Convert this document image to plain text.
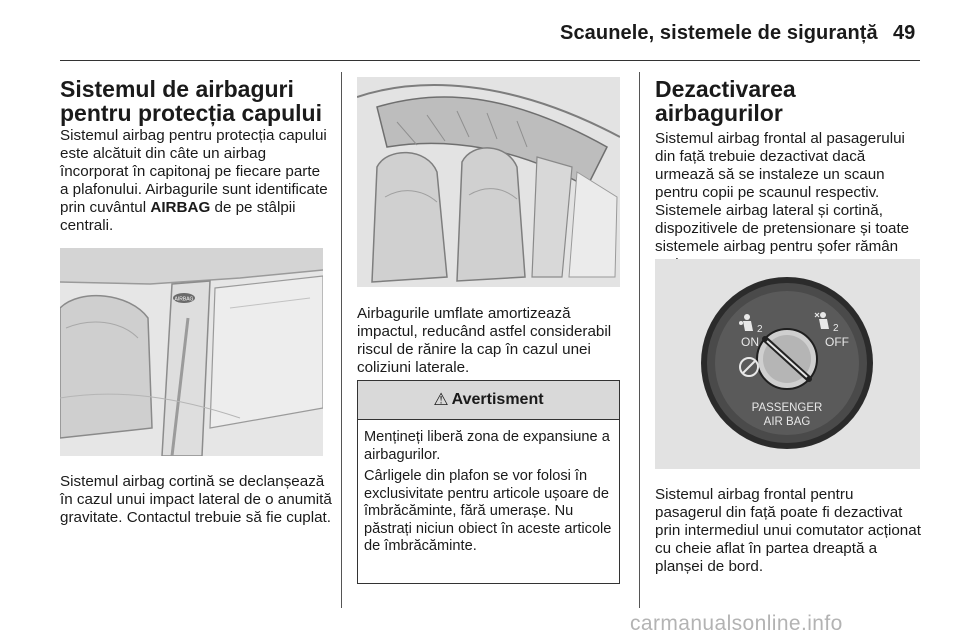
Scaunele, sistemele de siguranță 49
Sistemul de airbaguri
pentru protecția capului

Sistemul airbag pentru protecția capului este alcătuit din câte un airbag încorporat în capitonaj pe fiecare parte a plafonului. Airbagurile sunt identificate prin cuvântul AIRBAG de pe stâlpii centrali.

AIRBAG

Sistemul airbag cortină se declanșează în cazul unui impact lateral de o anumită gravitate. Contactul trebuie să fie cuplat.

Airbagurile umflate amortizează impactul, reducând astfel considerabil riscul de rănire la cap în cazul unei coliziuni laterale.

⚠ Avertisment

Mențineți liberă zona de expansiune a airbagurilor.

Cârligele din plafon se vor folosi în exclusivitate pentru articole ușoare de îmbrăcăminte, fără umerașe. Nu păstrați niciun obiect în aceste articole de îmbrăcăminte.

Dezactivarea airbagurilor

Sistemul airbag frontal al pasagerului din față trebuie dezactivat dacă urmează să se instaleze un scaun pentru copii pe scaunul respectiv. Sistemele airbag lateral și cortină, dispozitivele de pretensionare și toate sistemele airbag pentru șofer rămân

ON
2
OFF
2
PASSENGER
AIR BAG

Sistemul airbag frontal pentru pasagerul din față poate fi dezactivat prin intermediul unui comutator acționat cu cheie aflat în partea dreaptă a planșei de bord.

carmanualsonline.info
